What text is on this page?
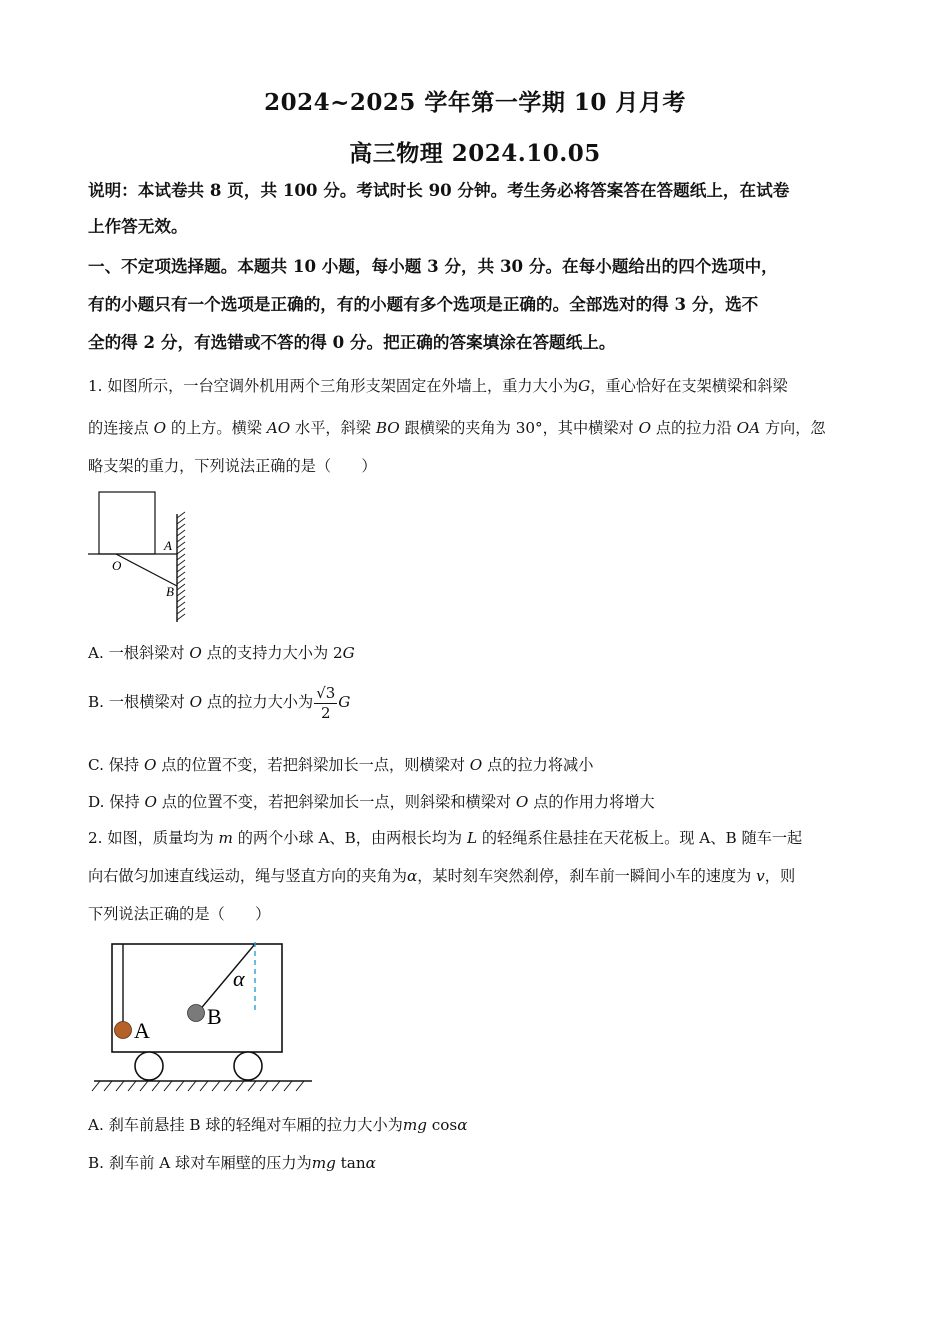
2024~2025 学年第一学期 10 月月考
高三物理 2024.10.05
说明：本试卷共 8 页，共 100 分。考试时长 90 分钟。考生务必将答案答在答题纸上，在试卷
上作答无效。
一、不定项选择题。本题共 10 小题，每小题 3 分，共 30 分。在每小题给出的四个选项中，
有的小题只有一个选项是正确的，有的小题有多个选项是正确的。全部选对的得 3 分，选不
全的得 2 分，有选错或不答的得 0 分。把正确的答案填涂在答题纸上。
1. 如图所示，一台空调外机用两个三角形支架固定在外墙上，重力大小为G，重心恰好在支架横梁和斜梁
的连接点 O 的上方。横梁 AO 水平，斜梁 BO 跟横梁的夹角为 30°，其中横梁对 O 点的拉力沿 OA 方向，忽
略支架的重力，下列说法正确的是（　　）
A
O
B
A. 一根斜梁对 O 点的支持力大小为 2G
B. 一根横梁对 O 点的拉力大小为 $\frac{√3}{2}$ G
C. 保持 O 点的位置不变，若把斜梁加长一点，则横梁对 O 点的拉力将减小
D. 保持 O 点的位置不变，若把斜梁加长一点，则斜梁和横梁对 O 点的作用力将增大
2. 如图，质量均为 m 的两个小球 A、B，由两根长均为 L 的轻绳系住悬挂在天花板上。现 A、B 随车一起
向右做匀加速直线运动，绳与竖直方向的夹角为α，某时刻车突然刹停，刹车前一瞬间小车的速度为 v，则
下列说法正确的是（　　）
A
B
α
A. 刹车前悬挂 B 球的轻绳对车厢的拉力大小为mg cosα
B. 刹车前 A 球对车厢壁的压力为mg tanα
